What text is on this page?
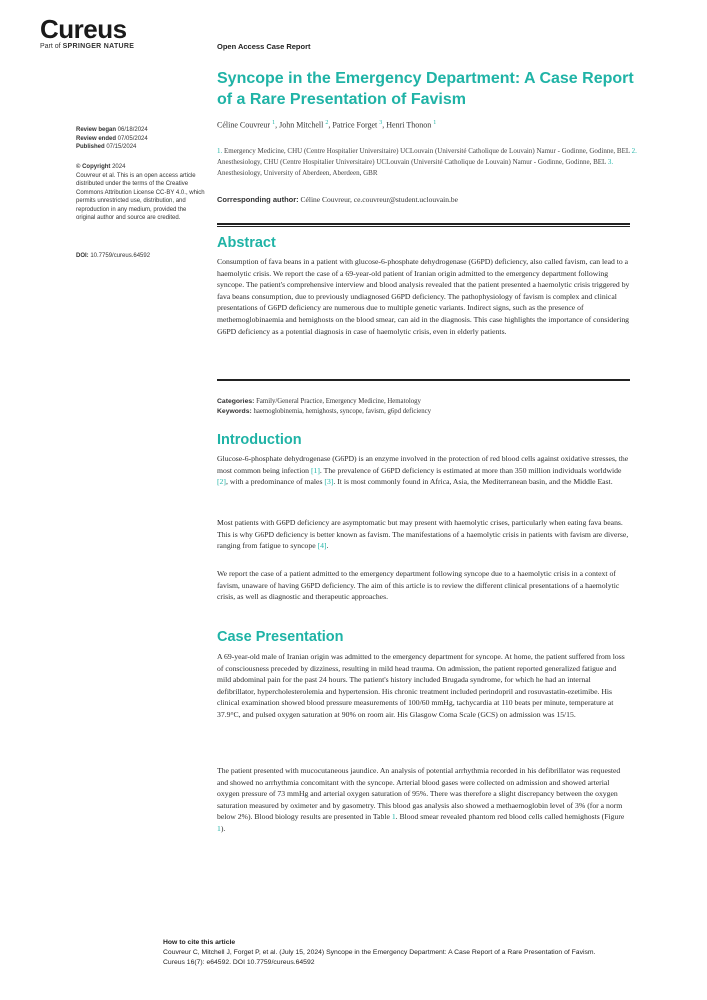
Cureus
Part of SPRINGER NATURE	Open Access Case Report
Syncope in the Emergency Department: A Case Report of a Rare Presentation of Favism
Céline Couvreur $^1$, John Mitchell $^2$, Patrice Forget $^3$, Henri Thonon $^1$
1. Emergency Medicine, CHU (Centre Hospitalier Universitaire) UCLouvain (Université Catholique de Louvain) Namur - Godinne, Godinne, BEL 2. Anesthesiology, CHU (Centre Hospitalier Universitaire) UCLouvain (Université Catholique de Louvain) Namur - Godinne, Godinne, BEL 3. Anesthesiology, University of Aberdeen, Aberdeen, GBR
Corresponding author: Céline Couvreur, ce.couvreur@student.uclouvain.be
Review began 06/18/2024
Review ended 07/05/2024
Published 07/15/2024
© Copyright 2024
Couvreur et al. This is an open access article distributed under the terms of the Creative Commons Attribution License CC-BY 4.0., which permits unrestricted use, distribution, and reproduction in any medium, provided the original author and source are credited.
DOI: 10.7759/cureus.64592
Abstract
Consumption of fava beans in a patient with glucose-6-phosphate dehydrogenase (G6PD) deficiency, also called favism, can lead to a haemolytic crisis. We report the case of a 69-year-old patient of Iranian origin admitted to the emergency department following syncope. The patient's comprehensive interview and blood analysis revealed that the patient presented a haemolytic crisis triggered by fava beans consumption, due to previously undiagnosed G6PD deficiency. The pathophysiology of favism is complex and clinical presentations of G6PD deficiency are numerous due to multiple genetic variants. Indirect signs, such as the presence of methemoglobinaemia and hemighosts on the blood smear, can aid in the diagnosis. This case highlights the importance of considering G6PD deficiency as a potential diagnosis in case of haemolytic crisis, even in elderly patients.
Categories: Family/General Practice, Emergency Medicine, Hematology
Keywords: haemoglobinemia, hemighosts, syncope, favism, g6pd deficiency
Introduction
Glucose-6-phosphate dehydrogenase (G6PD) is an enzyme involved in the protection of red blood cells against oxidative stresses, the most common being infection [1]. The prevalence of G6PD deficiency is estimated at more than 350 million individuals worldwide [2], with a predominance of males [3]. It is most commonly found in Africa, Asia, the Mediterranean basin, and the Middle East.
Most patients with G6PD deficiency are asymptomatic but may present with haemolytic crises, particularly when eating fava beans. This is why G6PD deficiency is better known as favism. The manifestations of a haemolytic crisis in patients with favism are diverse, ranging from fatigue to syncope [4].
We report the case of a patient admitted to the emergency department following syncope due to a haemolytic crisis in a context of favism, unaware of having G6PD deficiency. The aim of this article is to review the different clinical presentations of a haemolytic crisis, as well as diagnostic and therapeutic approaches.
Case Presentation
A 69-year-old male of Iranian origin was admitted to the emergency department for syncope. At home, the patient suffered from loss of consciousness preceded by dizziness, resulting in mild head trauma. On admission, the patient reported generalized fatigue and mild abdominal pain for the past 24 hours. The patient's history included Brugada syndrome, for which he had an internal defibrillator, hypercholesterolemia and hypertension. His chronic treatment included perindopril and rosuvastatin-ezetimibe. His clinical examination showed blood pressure measurements of 100/60 mmHg, tachycardia at 110 beats per minute, temperature at 37.9°C, and pulsed oxygen saturation at 90% on room air. His Glasgow Coma Scale (GCS) on admission was 15/15.
The patient presented with mucocutaneous jaundice. An analysis of potential arrhythmia recorded in his defibrillator was requested and showed no arrhythmia concomitant with the syncope. Arterial blood gases were collected on admission and showed arterial oxygen pressure of 73 mmHg and arterial oxygen saturation of 95%. There was therefore a slight discrepancy between the oxygen saturation measured by oximeter and by gasometry. This blood gas analysis also showed a methaemoglobin level of 3% (for a norm below 2%). Blood biology results are presented in Table 1. Blood smear revealed phantom red blood cells called hemighosts (Figure 1).
How to cite this article
Couvreur C, Mitchell J, Forget P, et al. (July 15, 2024) Syncope in the Emergency Department: A Case Report of a Rare Presentation of Favism.
Cureus 16(7): e64592. DOI 10.7759/cureus.64592
